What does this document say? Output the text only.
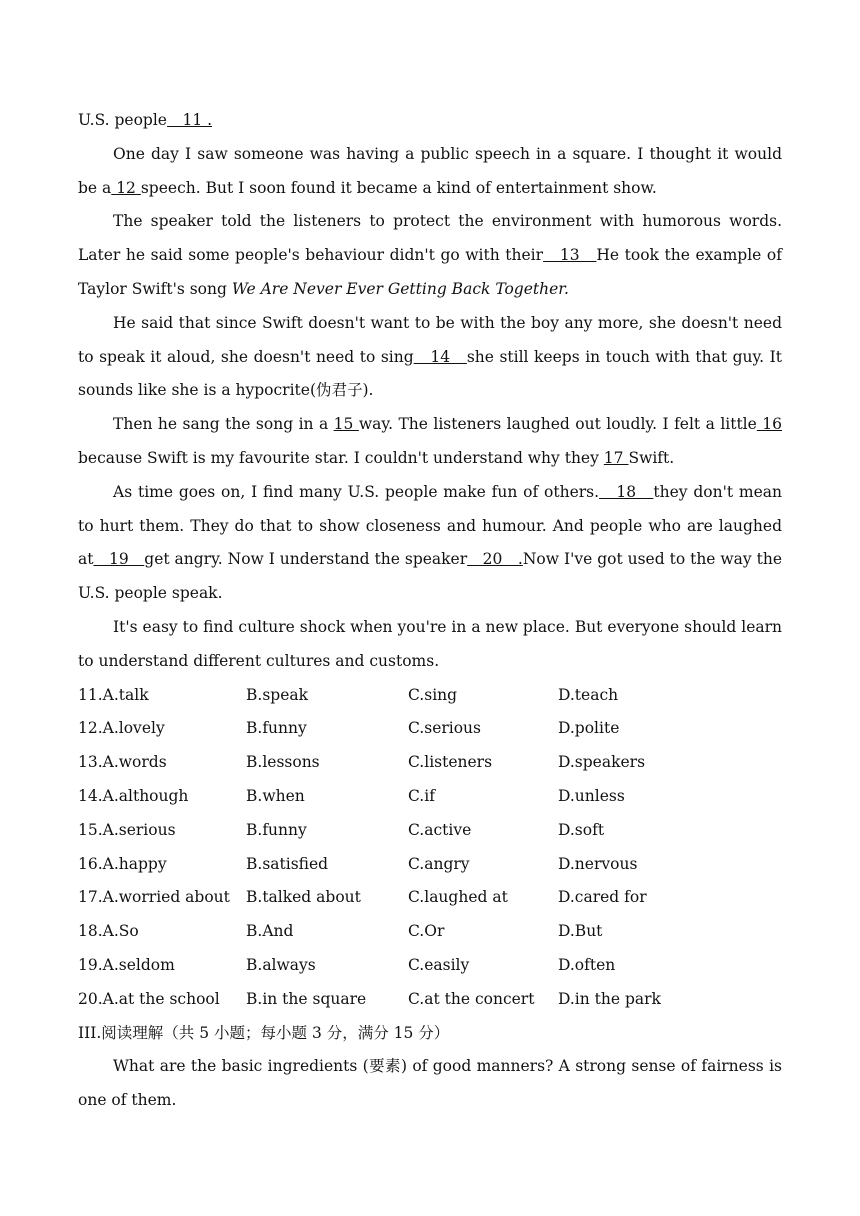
U.S. people　11 .

One day I saw someone was having a public speech in a square. I thought it would be a 12 speech. But I soon found it became a kind of entertainment show.

The speaker told the listeners to protect the environment with humorous words. Later he said some people's behaviour didn't go with their　13　He took the example of Taylor Swift's song We Are Never Ever Getting Back Together.

He said that since Swift doesn't want to be with the boy any more, she doesn't need to speak it aloud, she doesn't need to sing　14　she still keeps in touch with that guy. It sounds like she is a hypocrite(伪君子).

Then he sang the song in a 15 way. The listeners laughed out loudly. I felt a little 16 because Swift is my favourite star. I couldn't understand why they 17 Swift.

As time goes on, I find many U.S. people make fun of others.　18　they don't mean to hurt them. They do that to show closeness and humour. And people who are laughed at　19　get angry. Now I understand the speaker　20　.Now I've got used to the way the U.S. people speak.

It's easy to find culture shock when you're in a new place. But everyone should learn to understand different cultures and customs.

11.A.talk	B.speak	C.sing	D.teach
12.A.lovely	B.funny	C.serious	D.polite
13.A.words	B.lessons	C.listeners	D.speakers
14.A.although	B.when	C.if	D.unless
15.A.serious	B.funny	C.active	D.soft
16.A.happy	B.satisfied	C.angry	D.nervous
17.A.worried about B.talked about	C.laughed at	D.cared for
18.A.So	B.And	C.Or	D.But
19.A.seldom	B.always	C.easily	D.often
20.A.at the school B.in the square	C.at the concert D.in the park
III.阅读理解（共 5 小题；每小题 3 分，满分 15 分）

What are the basic ingredients (要素) of good manners? A strong sense of fairness is one of them.
